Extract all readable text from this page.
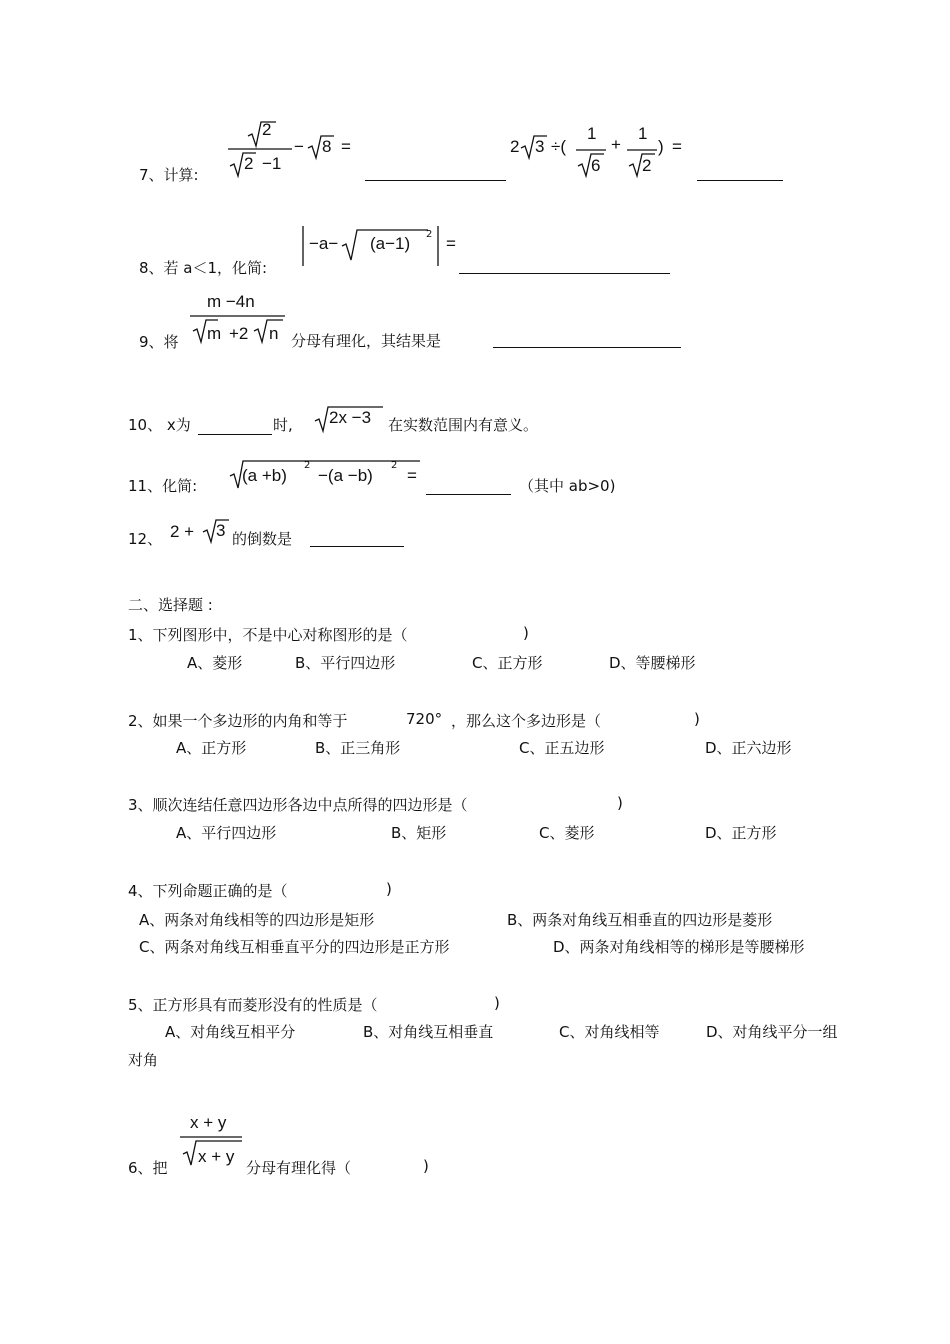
7、计算:
2
2 −1
− 8 =	2 3 ÷(
1
6
+
1
2
) =
8、若 a＜1，化简:
−a− (a−1) 2 =
9、将
m −4n
m +2 n 分母有理化，其结果是
10、 x为	时, 2x −3 在实数范围内有意义。
11、化简:
(a +b)
2
−(a −b)
2
=
（其中 ab>0)
12、 2 + 3 的倒数是
二、选择题 :
1、下列图形中，不是中心对称图形的是（	)
A、菱形	B、平行四边形	C、正方形	D、等腰梯形
2、如果一个多边形的内角和等于	720° ，那么这个多边形是（	)
A、正方形	B、正三角形	C、正五边形	D、正六边形
3、顺次连结任意四边形各边中点所得的四边形是（	)
A、平行四边形	B、矩形	C、菱形	D、正方形
4、下列命题正确的是（	)
A、两条对角线相等的四边形是矩形	B、两条对角线互相垂直的四边形是菱形
C、两条对角线互相垂直平分的四边形是正方形	D、两条对角线相等的梯形是等腰梯形
5、正方形具有而菱形没有的性质是（	)
A、对角线互相平分	B、对角线互相垂直	C、对角线相等	D、对角线平分一组
对角
6、把
x + y
x + y
分母有理化得（	)
